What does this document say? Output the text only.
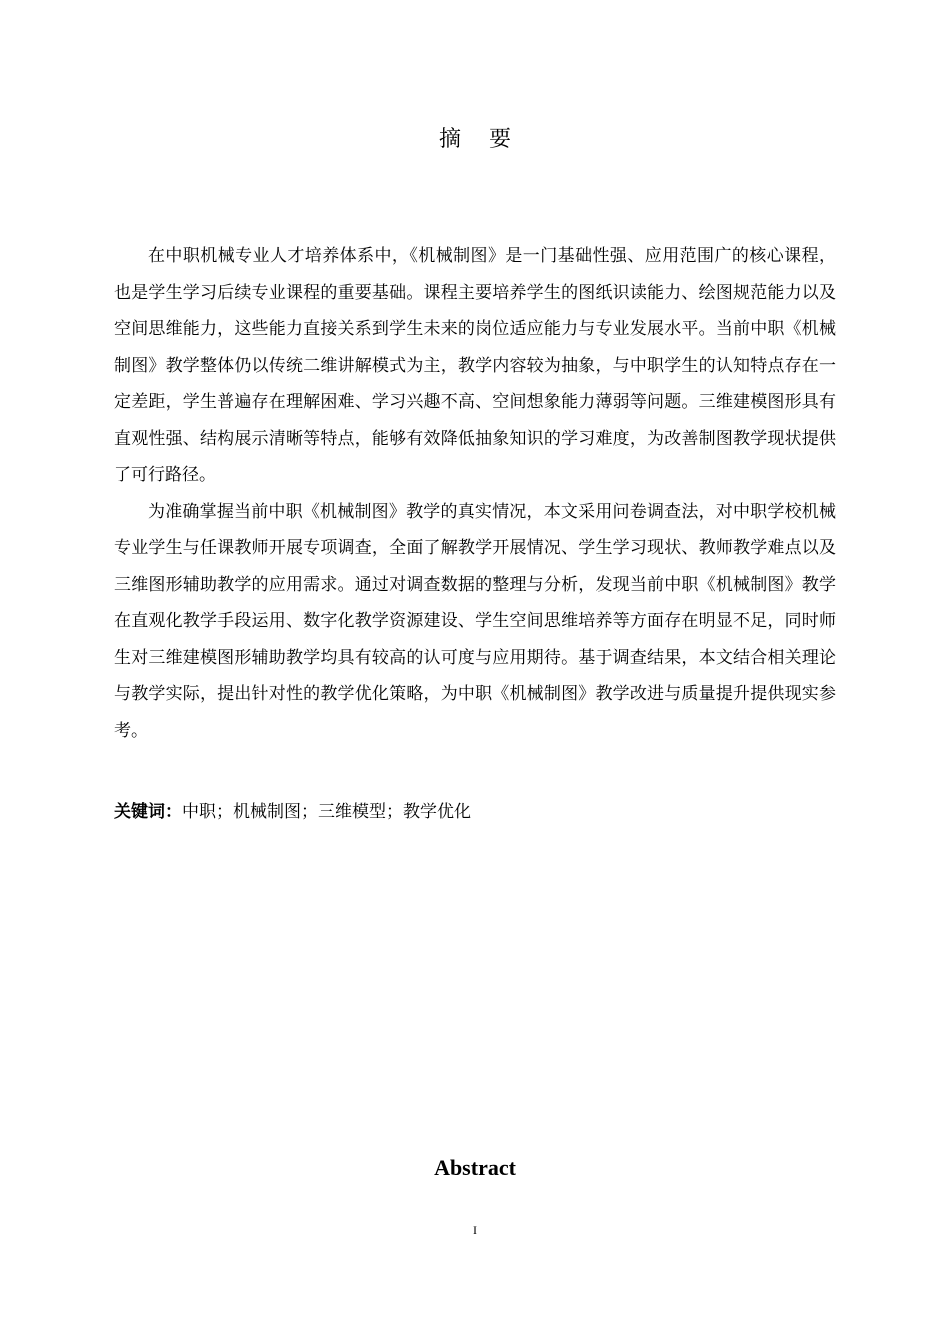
摘要

在中职机械专业人才培养体系中，《机械制图》是一门基础性强、应用范围广的核心课程，也是学生学习后续专业课程的重要基础。课程主要培养学生的图纸识读能力、绘图规范能力以及空间思维能力，这些能力直接关系到学生未来的岗位适应能力与专业发展水平。当前中职《机械制图》教学整体仍以传统二维讲解模式为主，教学内容较为抽象，与中职学生的认知特点存在一定差距，学生普遍存在理解困难、学习兴趣不高、空间想象能力薄弱等问题。三维建模图形具有直观性强、结构展示清晰等特点，能够有效降低抽象知识的学习难度，为改善制图教学现状提供了可行路径。

为准确掌握当前中职《机械制图》教学的真实情况，本文采用问卷调查法，对中职学校机械专业学生与任课教师开展专项调查，全面了解教学开展情况、学生学习现状、教师教学难点以及三维图形辅助教学的应用需求。通过对调查数据的整理与分析，发现当前中职《机械制图》教学在直观化教学手段运用、数字化教学资源建设、学生空间思维培养等方面存在明显不足，同时师生对三维建模图形辅助教学均具有较高的认可度与应用期待。基于调查结果，本文结合相关理论与教学实际，提出针对性的教学优化策略，为中职《机械制图》教学改进与质量提升提供现实参考。

关键词：中职；机械制图；三维模型；教学优化
Abstract
I
